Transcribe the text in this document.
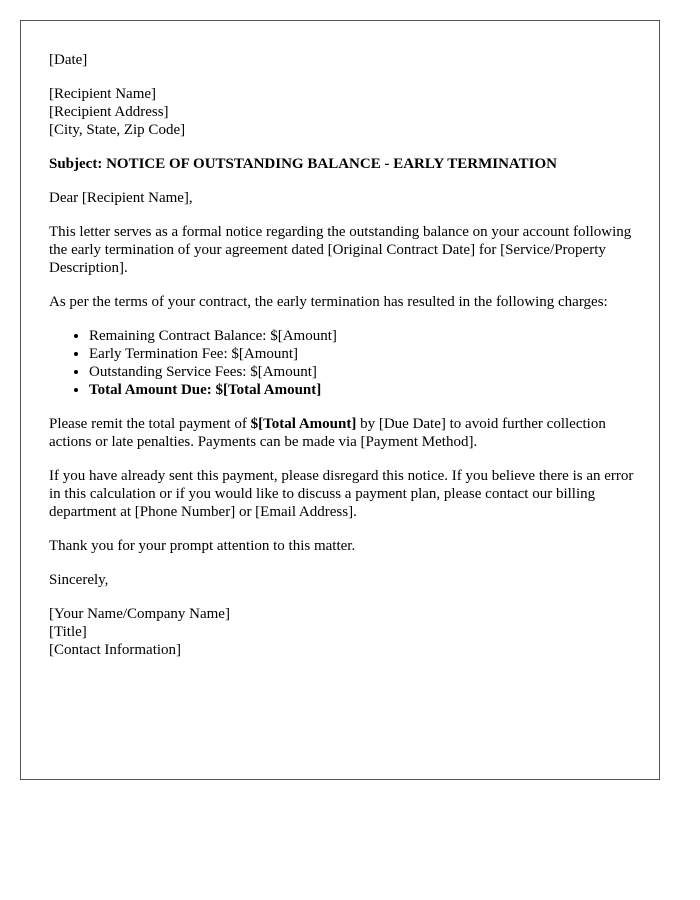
[Date]

[Recipient Name]

[Recipient Address]

[City, State, Zip Code]

Subject: NOTICE OF OUTSTANDING BALANCE - EARLY TERMINATION

Dear [Recipient Name],

This letter serves as a formal notice regarding the outstanding balance on your account following the early termination of your agreement dated [Original Contract Date] for [Service/Property Description].

As per the terms of your contract, the early termination has resulted in the following charges:

• Remaining Contract Balance: $[Amount]
• Early Termination Fee: $[Amount]
• Outstanding Service Fees: $[Amount]
• Total Amount Due: $[Total Amount]

Please remit the total payment of $[Total Amount] by [Due Date] to avoid further collection actions or late penalties. Payments can be made via [Payment Method].

If you have already sent this payment, please disregard this notice. If you believe there is an error in this calculation or if you would like to discuss a payment plan, please contact our billing department at [Phone Number] or [Email Address].

Thank you for your prompt attention to this matter.

Sincerely,

[Your Name/Company Name]

[Title]

[Contact Information]
